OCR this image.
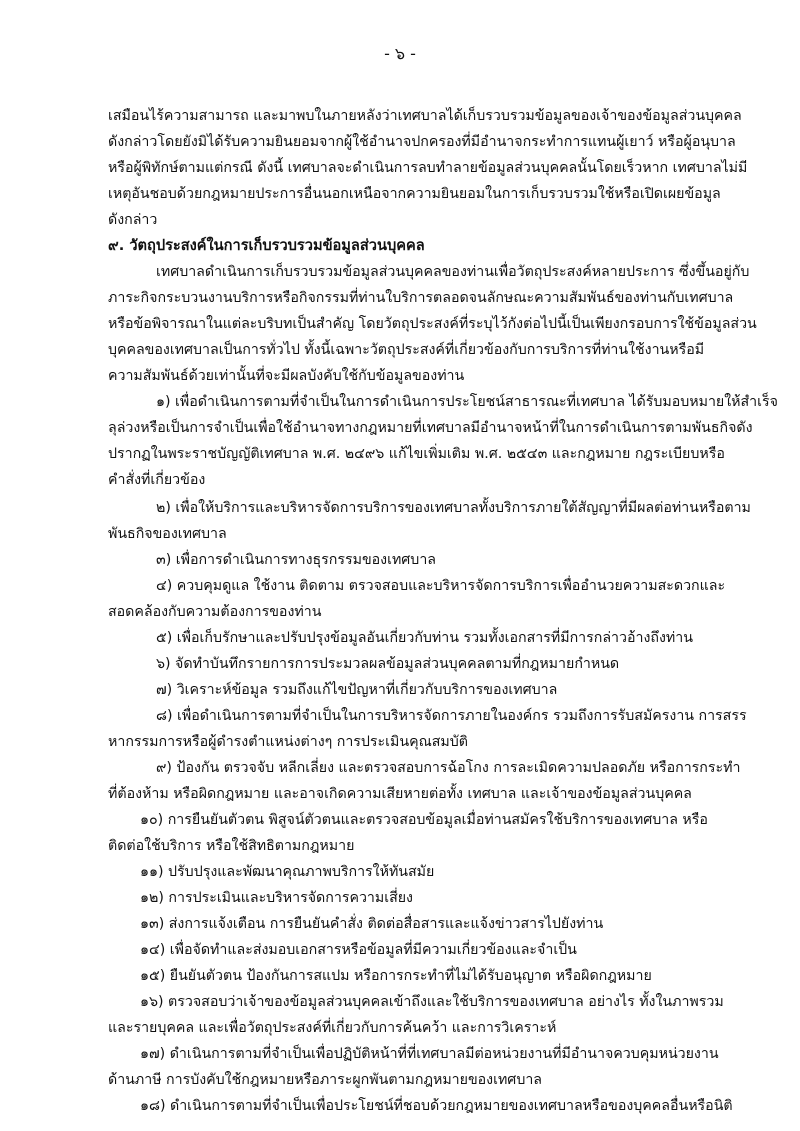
- ๖ -
เสมือนไร้ความสามารถ และมาพบในภายหลังว่าเทศบาลได้เก็บรวบรวมข้อมูลของเจ้าของข้อมูลส่วนบุคคล
ดังกล่าวโดยยังมิได้รับความยินยอมจากผู้ใช้อำนาจปกครองที่มีอำนาจกระทำการแทนผู้เยาว์ หรือผู้อนุบาล
หรือผู้พิทักษ์ตามแต่กรณี ดังนี้ เทศบาลจะดำเนินการลบทำลายข้อมูลส่วนบุคคลนั้นโดยเร็วหาก เทศบาลไม่มี
เหตุอันชอบด้วยกฎหมายประการอื่นนอกเหนือจากความยินยอมในการเก็บรวบรวมใช้หรือเปิดเผยข้อมูล
ดังกล่าว
๙. วัตถุประสงค์ในการเก็บรวบรวมข้อมูลส่วนบุคคล
เทศบาลดำเนินการเก็บรวบรวมข้อมูลส่วนบุคคลของท่านเพื่อวัตถุประสงค์หลายประการ ซึ่งขึ้นอยู่กับ
ภาระกิจกระบวนงานบริการหรือกิจกรรมที่ท่านใบริการตลอดจนลักษณะความสัมพันธ์ของท่านกับเทศบาล
หรือข้อพิจารณาในแต่ละบริบทเป็นสำคัญ โดยวัตถุประสงค์ที่ระบุไว้กังต่อไปนี้เป็นเพียงกรอบการใช้ข้อมูลส่วน
บุคคลของเทศบาลเป็นการทั่วไป ทั้งนี้เฉพาะวัตถุประสงค์ที่เกี่ยวข้องกับการบริการที่ท่านใช้งานหรือมี
ความสัมพันธ์ด้วยเท่านั้นที่จะมีผลบังคับใช้กับข้อมูลของท่าน
๑) เพื่อดำเนินการตามที่จำเป็นในการดำเนินการประโยชน์สาธารณะที่เทศบาล ได้รับมอบหมายให้สำเร็จ
ลุล่วงหรือเป็นการจำเป็นเพื่อใช้อำนาจทางกฎหมายที่เทศบาลมีอำนาจหน้าที่ในการดำเนินการตามพันธกิจดัง
ปรากฏในพระราชบัญญัติเทศบาล พ.ศ. ๒๔๙๖ แก้ไขเพิ่มเติม พ.ศ. ๒๕๔๓ และกฎหมาย กฎระเบียบหรือ
คำสั่งที่เกี่ยวข้อง
๒) เพื่อให้บริการและบริหารจัดการบริการของเทศบาลทั้งบริการภายใต้สัญญาที่มีผลต่อท่านหรือตาม
พันธกิจของเทศบาล
๓) เพื่อการดำเนินการทางธุรกรรมของเทศบาล
๔) ควบคุมดูแล ใช้งาน ติดตาม ตรวจสอบและบริหารจัดการบริการเพื่ออำนวยความสะดวกและ
สอดคล้องกับความต้องการของท่าน
๕) เพื่อเก็บรักษาและปรับปรุงข้อมูลอันเกี่ยวกับท่าน รวมทั้งเอกสารที่มีการกล่าวอ้างถึงท่าน
๖) จัดทำบันทึกรายการการประมวลผลข้อมูลส่วนบุคคลตามที่กฎหมายกำหนด
๗) วิเคราะห์ข้อมูล รวมถึงแก้ไขปัญหาที่เกี่ยวกับบริการของเทศบาล
๘) เพื่อดำเนินการตามที่จำเป็นในการบริหารจัดการภายในองค์กร รวมถึงการรับสมัครงาน การสรร
หากรรมการหรือผู้ดำรงตำแหน่งต่างๆ การประเมินคุณสมบัติ
๙) ป้องกัน ตรวจจับ หลีกเลี่ยง และตรวจสอบการฉ้อโกง การละเมิดความปลอดภัย หรือการกระทำ
ที่ต้องห้าม หรือผิดกฎหมาย และอาจเกิดความเสียหายต่อทั้ง เทศบาล และเจ้าของข้อมูลส่วนบุคคล
๑๐) การยืนยันตัวตน พิสูจน์ตัวตนและตรวจสอบข้อมูลเมื่อท่านสมัครใช้บริการของเทศบาล หรือ
ติดต่อใช้บริการ หรือใช้สิทธิตามกฎหมาย
๑๑) ปรับปรุงและพัฒนาคุณภาพบริการให้ทันสมัย
๑๒) การประเมินและบริหารจัดการความเสี่ยง
๑๓) ส่งการแจ้งเตือน การยืนยันคำสั่ง ติดต่อสื่อสารและแจ้งข่าวสารไปยังท่าน
๑๔) เพื่อจัดทำและส่งมอบเอกสารหรือข้อมูลที่มีความเกี่ยวข้องและจำเป็น
๑๕) ยืนยันตัวตน ป้องกันการสแปม หรือการกระทำที่ไม่ได้รับอนุญาต หรือผิดกฎหมาย
๑๖) ตรวจสอบว่าเจ้าของข้อมูลส่วนบุคคลเข้าถึงและใช้บริการของเทศบาล อย่างไร ทั้งในภาพรวม
และรายบุคคล และเพื่อวัตถุประสงค์ที่เกี่ยวกับการค้นคว้า และการวิเคราะห์
๑๗) ดำเนินการตามที่จำเป็นเพื่อปฏิบัติหน้าที่ที่เทศบาลมีต่อหน่วยงานที่มีอำนาจควบคุมหน่วยงาน
ด้านภาษี การบังคับใช้กฎหมายหรือภาระผูกพันตามกฎหมายของเทศบาล
๑๘) ดำเนินการตามที่จำเป็นเพื่อประโยชน์ที่ชอบด้วยกฎหมายของเทศบาลหรือของบุคคลอื่นหรือนิติ
